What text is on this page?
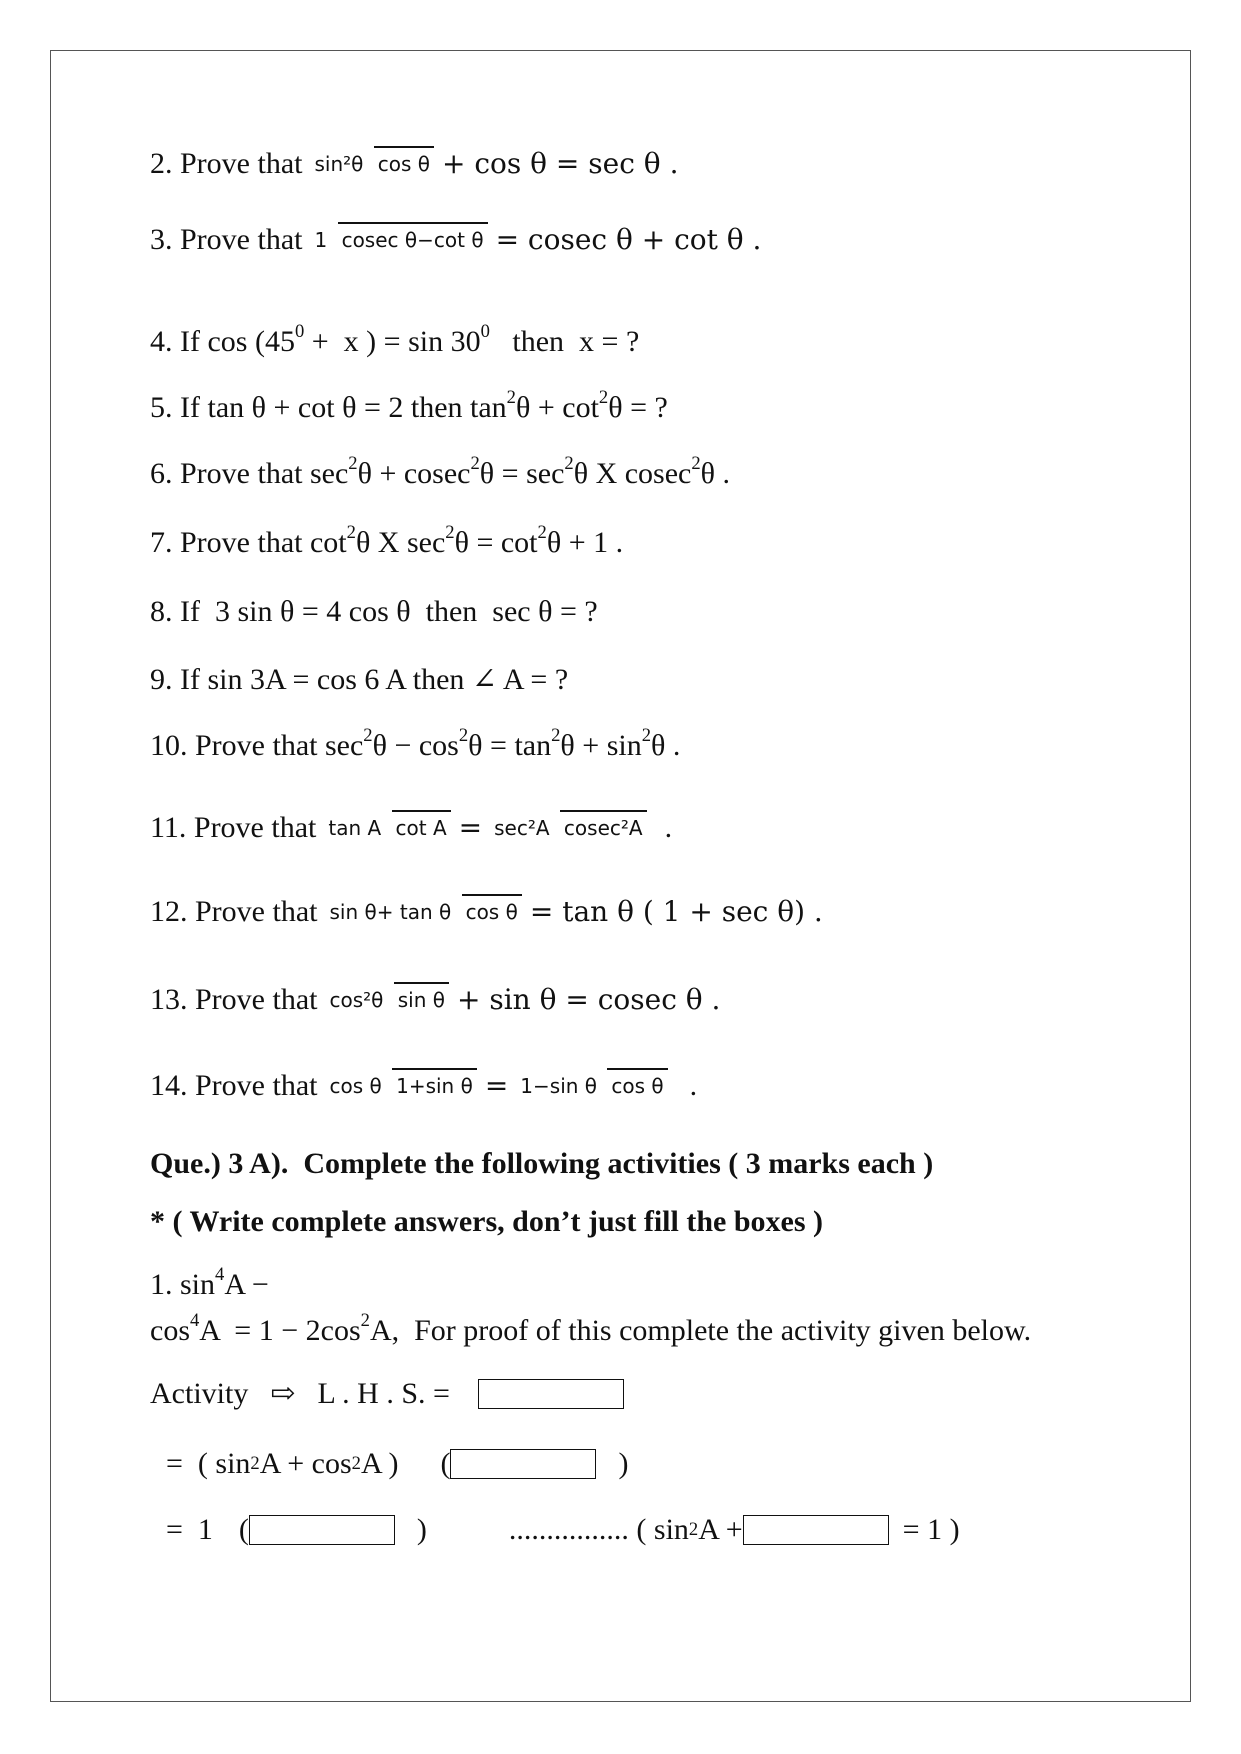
2. Prove that sin²θ cos θ + cos θ = sec θ .
3. Prove that 1 cosec θ−cot θ = cosec θ + cot θ .
4. If $\cos (45^0 + x$ ) = $\sin 30^0$   then  x = ?
5. If tan θ + cot θ = 2 then $\tan^2\theta + \cot^2\theta$ = ?
6. Prove that $\sec^2\theta + cosec^2\theta = \sec^2\theta$ X cosec$^2$θ .
7. Prove that $\cot^2\theta$ X $\sec^2\theta = \cot^2\theta + 1$ .
8. If  3 sin θ = 4 cos θ  then  sec θ = ?
9. If sin 3A = cos 6 A then ∠ A = ?
10. Prove that $\sec^2\theta - \cos^2\theta = \tan^2\theta + \sin^2\theta$ .
11. Prove that tan A cot A = sec²A cosec²A .
12. Prove that sin θ+ tan θ cos θ = tan θ ( 1 + sec θ) .
13. Prove that cos²θ sin θ + sin θ = cosec θ .
14. Prove that cos θ 1+sin θ = 1−sin θ cos θ .
Que.) 3 A).  Complete the following activities ( 3 marks each )
* ( Write complete answers, don’t just fill the boxes )
1. $\sin^4A - \cos^4A = 1 - 2\cos^2A$,  For proof of this complete the activity given below.
Activity ⇨ L . H . S. =
=  ( sin 2 A + cos 2 A ) (	)
=  1 (	)	................ ( sin 2 A +	= 1 )
